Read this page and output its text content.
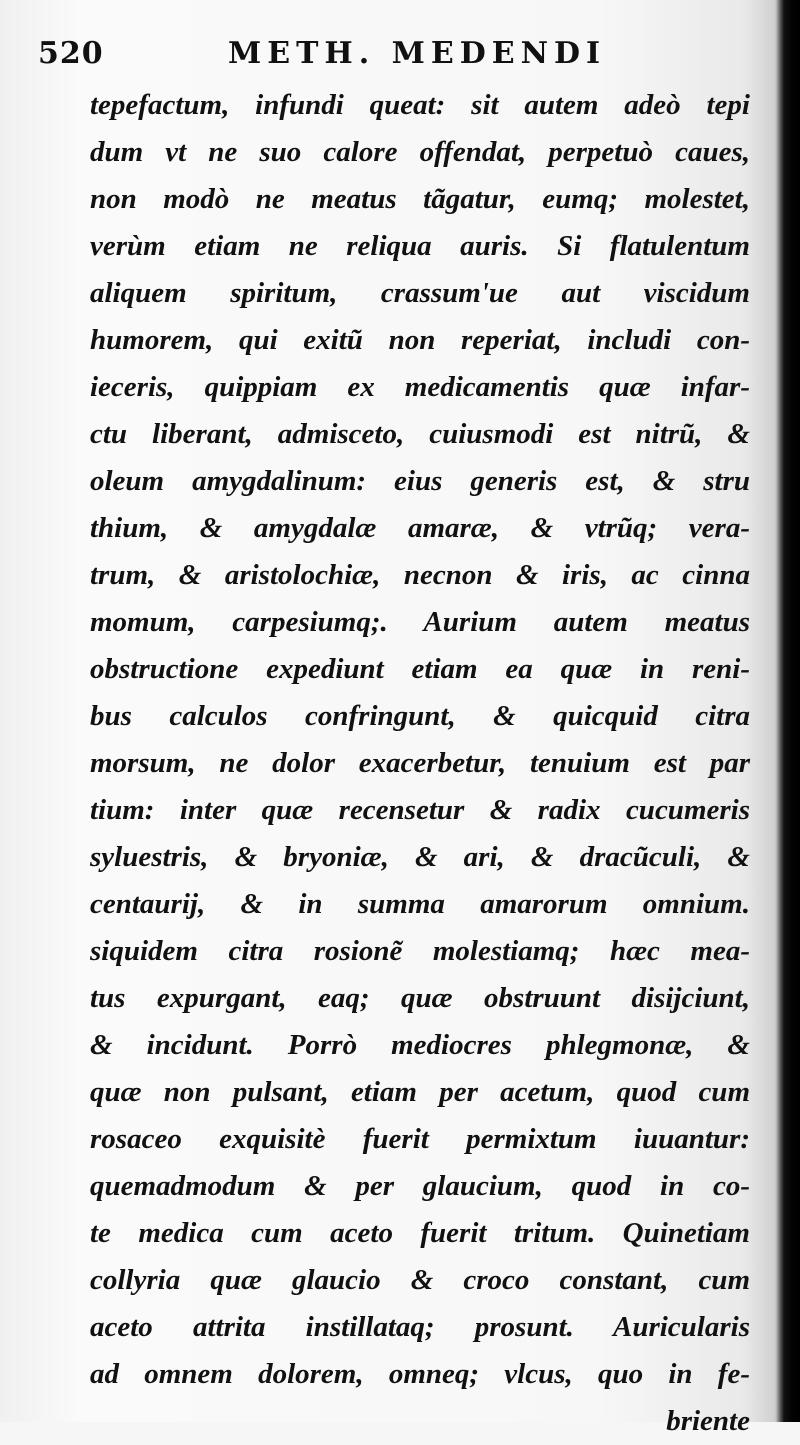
520	METH. MEDENDI
tepefactum, infundi queat: sit autem adeò tepi
dum vt ne suo calore offendat, perpetuò caues,
non modò ne meatus tãgatur, eumq; molestet,
verùm etiam ne reliqua auris. Si flatulentum
aliquem spiritum, crassum'ue aut viscidum
humorem, qui exitũ non reperiat, includi con-
ieceris, quippiam ex medicamentis quæ infar-
ctu liberant, admisceto, cuiusmodi est nitrũ, &
oleum amygdalinum: eius generis est, & stru
thium, & amygdalæ amaræ, & vtrũq; vera-
trum, & aristolochiæ, necnon & iris, ac cinna
momum, carpesiumq;. Aurium autem meatus
obstructione expediunt etiam ea quæ in reni-
bus calculos confringunt, & quicquid citra
morsum, ne dolor exacerbetur, tenuium est par
tium: inter quæ recensetur & radix cucumeris
syluestris, & bryoniæ, & ari, & dracũculi, &
centaurij, & in summa amarorum omnium.
siquidem citra rosionẽ molestiamq; hæc mea-
tus expurgant, eaq; quæ obstruunt disijciunt,
& incidunt. Porrò mediocres phlegmonæ, &
quæ non pulsant, etiam per acetum, quod cum
rosaceo exquisitè fuerit permixtum iuuantur:
quemadmodum & per glaucium, quod in co-
te medica cum aceto fuerit tritum. Quinetiam
collyria quæ glaucio & croco constant, cum
aceto attrita instillataq; prosunt. Auricularis
ad omnem dolorem, omneq; vlcus, quo in fe-
briente
